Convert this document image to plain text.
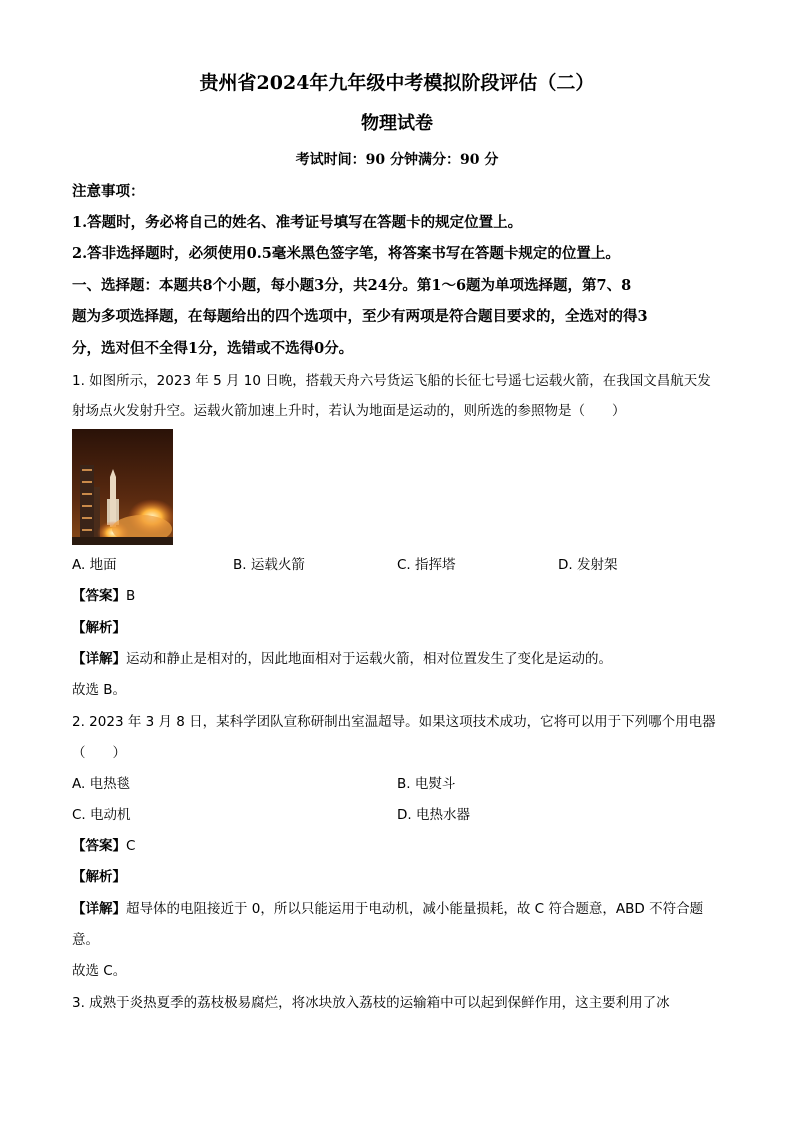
贵州省2024年九年级中考模拟阶段评估（二）
物理试卷
考试时间：90 分钟满分：90 分
注意事项：
1.答题时，务必将自己的姓名、准考证号填写在答题卡的规定位置上。
2.答非选择题时，必须使用0.5毫米黑色签字笔，将答案书写在答题卡规定的位置上。
一、选择题：本题共8个小题，每小题3分，共24分。第1～6题为单项选择题，第7、8
题为多项选择题，在每题给出的四个选项中，至少有两项是符合题目要求的，全选对的得3
分，选对但不全得1分，选错或不选得0分。
1. 如图所示，2023 年 5 月 10 日晚，搭载天舟六号货运飞船的长征七号遥七运载火箭，在我国文昌航天发
射场点火发射升空。运载火箭加速上升时，若认为地面是运动的，则所选的参照物是（　　）
A. 地面	B. 运载火箭	C. 指挥塔	D. 发射架
【答案】B
【解析】
【详解】运动和静止是相对的，因此地面相对于运载火箭，相对位置发生了变化是运动的。
故选 B。
2. 2023 年 3 月 8 日，某科学团队宣称研制出室温超导。如果这项技术成功，它将可以用于下列哪个用电器
（　　）
A. 电热毯	B. 电熨斗
C. 电动机	D. 电热水器
【答案】C
【解析】
【详解】超导体的电阻接近于 0，所以只能运用于电动机，减小能量损耗，故 C 符合题意，ABD 不符合题
意。
故选 C。
3. 成熟于炎热夏季的荔枝极易腐烂，将冰块放入荔枝的运输箱中可以起到保鲜作用，这主要利用了冰
